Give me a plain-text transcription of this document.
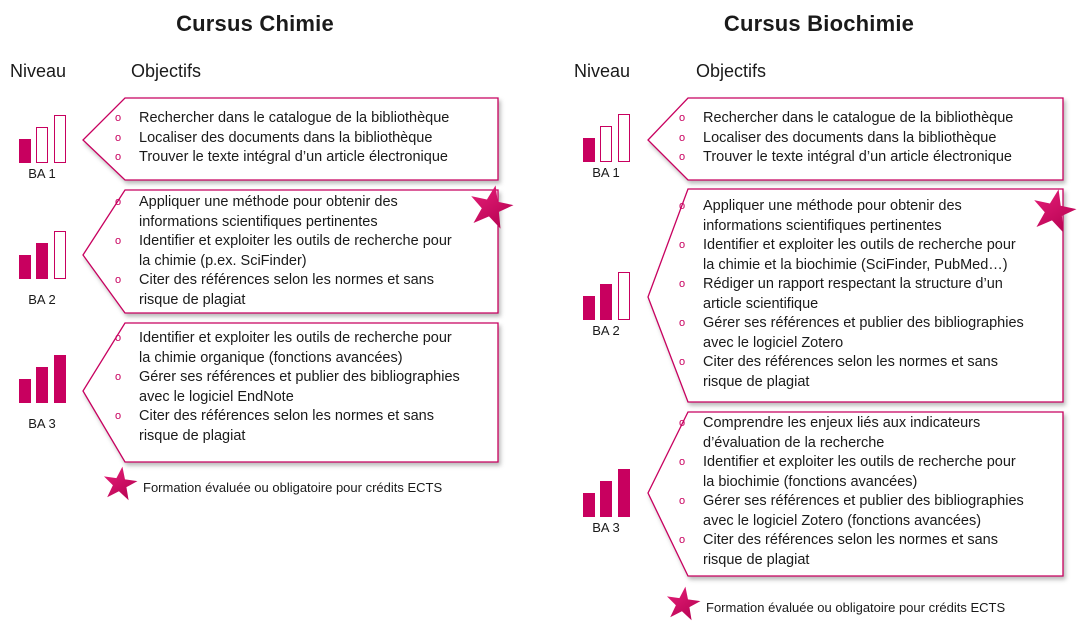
Cursus Chimie
Niveau	Objectifs
BA 1
o Rechercher dans le catalogue de la bibliothèque
o Localiser des documents dans la bibliothèque
o Trouver le texte intégral d’un article électronique
BA 2
o Appliquer une méthode pour obtenir des
informations scientifiques pertinentes
o Identifier et exploiter les outils de recherche pour
la chimie (p.ex. SciFinder)
o Citer des références selon les normes et sans
risque de plagiat
BA 3
o Identifier et exploiter les outils de recherche pour
la chimie organique (fonctions avancées)
o Gérer ses références et publier des bibliographies
avec le logiciel EndNote
o Citer des références selon les normes et sans
risque de plagiat
Formation évaluée ou obligatoire pour crédits ECTS
Cursus Biochimie
Niveau	Objectifs
BA 1
o Rechercher dans le catalogue de la bibliothèque
o Localiser des documents dans la bibliothèque
o Trouver le texte intégral d’un article électronique
BA 2
o Appliquer une méthode pour obtenir des
informations scientifiques pertinentes
o Identifier et exploiter les outils de recherche pour
la chimie et la biochimie (SciFinder, PubMed…)
o Rédiger un rapport respectant la structure d’un
article scientifique
o Gérer ses références et publier des bibliographies
avec le logiciel Zotero
o Citer des références selon les normes et sans
risque de plagiat
BA 3
o Comprendre les enjeux liés aux indicateurs
d’évaluation de la recherche
o Identifier et exploiter les outils de recherche pour
la biochimie (fonctions avancées)
o Gérer ses références et publier des bibliographies
avec le logiciel Zotero (fonctions avancées)
o Citer des références selon les normes et sans
risque de plagiat
Formation évaluée ou obligatoire pour crédits ECTS
